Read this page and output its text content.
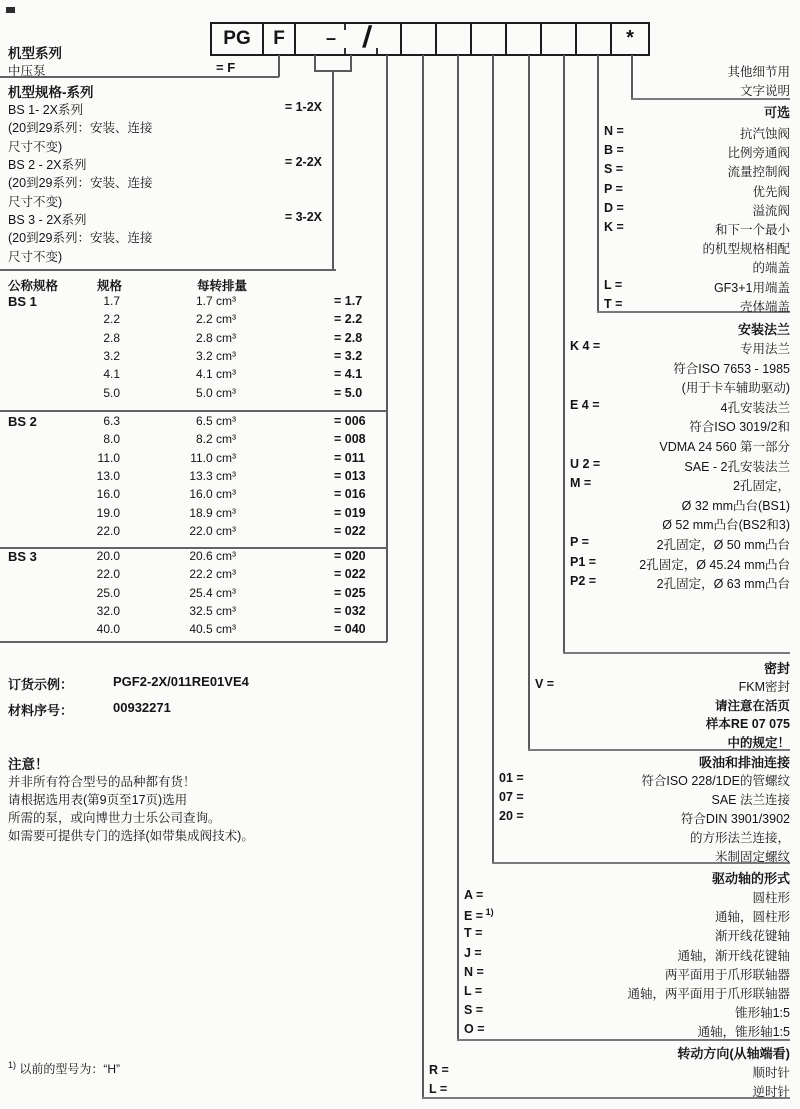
PG	F	– /	*
机型系列
中压泵	= F
机型规格-系列
BS 1- 2X系列
(20到29系列：安装、连接
尺寸不变)
BS 2 - 2X系列
(20到29系列：安装、连接
尺寸不变)
BS 3 - 2X系列
(20到29系列：安装、连接
尺寸不变)
= 1-2X
= 2-2X
= 3-2X
公称规格	规格	每转排量
订货示例：	PGF2-2X/011RE01VE4
材料序号：	00932271
注意！
并非所有符合型号的品种都有货！
请根据选用表(第9页至17页)选用
所需的泵，或向博世力士乐公司查询。
如需要可提供专门的选择(如带集成阀技术)。
$^{1)}$ 以前的型号为：“H”
其他细节用
文字说明
可选
N =	抗汽蚀阀
B =	比例旁通阀
S =	流量控制阀
P =	优先阀
D =	溢流阀
K =	和下一个最小
的机型规格相配
的端盖
L =	GF3+1用端盖
T =	壳体端盖
安装法兰
K 4 =	专用法兰
符合ISO 7653 - 1985
(用于卡车辅助驱动)
E 4 =	4孔安装法兰
符合ISO 3019/2和
VDMA 24 560 第一部分
U 2 =	SAE - 2孔安装法兰
M =	2孔固定，
Ø 32 mm凸台(BS1)
Ø 52 mm凸台(BS2和3)
P =	2孔固定，Ø 50 mm凸台
P1 =	2孔固定，Ø 45.24 mm凸台
P2 =	2孔固定，Ø 63 mm凸台
密封
V =	FKM密封
请注意在活页
样本RE 07 075
中的规定！
吸油和排油连接
01 =	符合ISO 228/1DE的管螺纹
07 =	SAE 法兰连接
20 =	符合DIN 3901/3902
的方形法兰连接，
米制固定螺纹
驱动轴的形式
A =	圆柱形
E = $^{1)}$	通轴，圆柱形
T =	渐开线花键轴
J =	通轴，渐开线花键轴
N =	两平面用于爪形联轴器
L =	通轴，两平面用于爪形联轴器
S =	锥形轴1:5
O =	通轴，锥形轴1:5
转动方向(从轴端看)
R =	顺时针
L =	逆时针
BS 1	1.7	1.7 cm³	= 1.7
2.2	2.2 cm³	= 2.2
2.8	2.8 cm³	= 2.8
3.2	3.2 cm³	= 3.2
4.1	4.1 cm³	= 4.1
5.0	5.0 cm³	= 5.0
BS 2	6.3	6.5 cm³	= 006
8.0	8.2 cm³	= 008
11.0	11.0 cm³	= 011
13.0	13.3 cm³	= 013
16.0	16.0 cm³	= 016
19.0	18.9 cm³	= 019
22.0	22.0 cm³	= 022
BS 3	20.0	20.6 cm³	= 020
22.0	22.2 cm³	= 022
25.0	25.4 cm³	= 025
32.0	32.5 cm³	= 032
40.0	40.5 cm³	= 040
